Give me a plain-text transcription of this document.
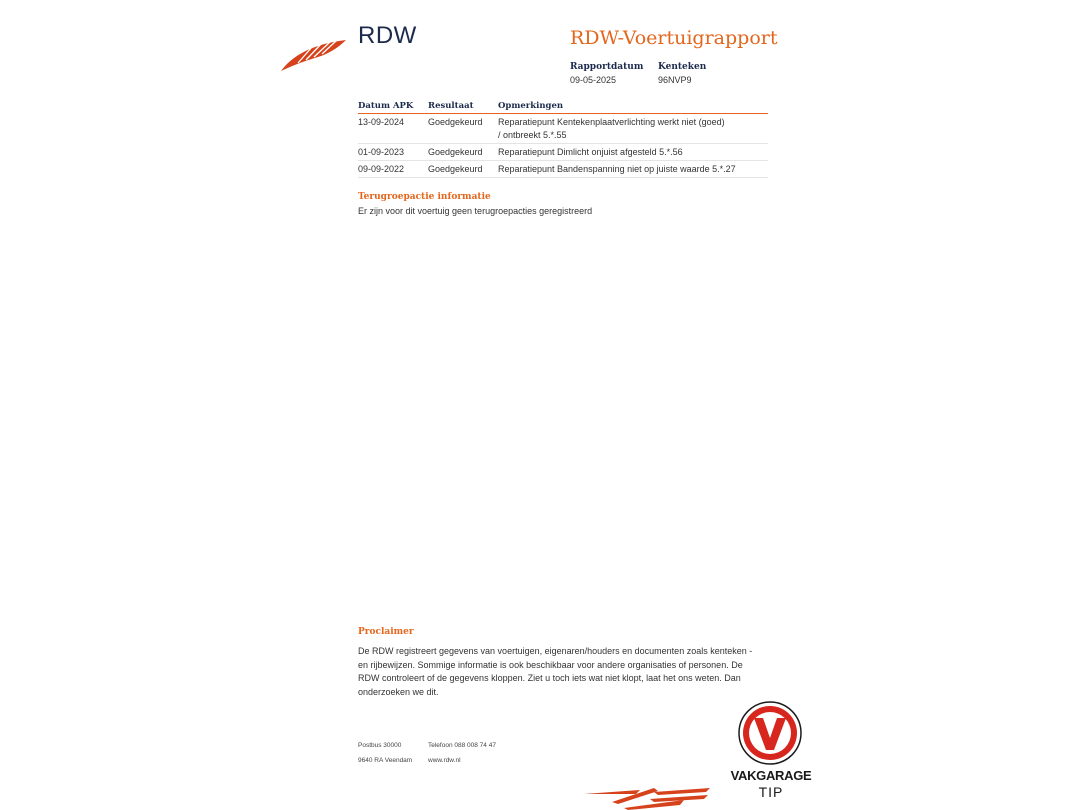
RDW	RDW-Voertuigrapport
Rapportdatum
09-05-2025
Kenteken
96NVP9
Datum APK	Resultaat	Opmerkingen
13-09-2024	Goedgekeurd	Reparatiepunt Kentekenplaatverlichting werkt niet (goed) / ontbreekt 5.*.55
01-09-2023	Goedgekeurd	Reparatiepunt Dimlicht onjuist afgesteld 5.*.56
09-09-2022	Goedgekeurd	Reparatiepunt Bandenspanning niet op juiste waarde 5.*.27
Terugroepactie informatie
Er zijn voor dit voertuig geen terugroepacties geregistreerd
Proclaimer
De RDW registreert gegevens van voertuigen, eigenaren/houders en documenten zoals kenteken - en rijbewijzen. Sommige informatie is ook beschikbaar voor andere organisaties of personen. De RDW controleert of de gegevens kloppen. Ziet u toch iets wat niet klopt, laat het ons weten. Dan onderzoeken we dit.
Postbus 30000
9640 RA Veendam
Telefoon 088 008 74 47
www.rdw.nl
VAKGARAGE
TIP
